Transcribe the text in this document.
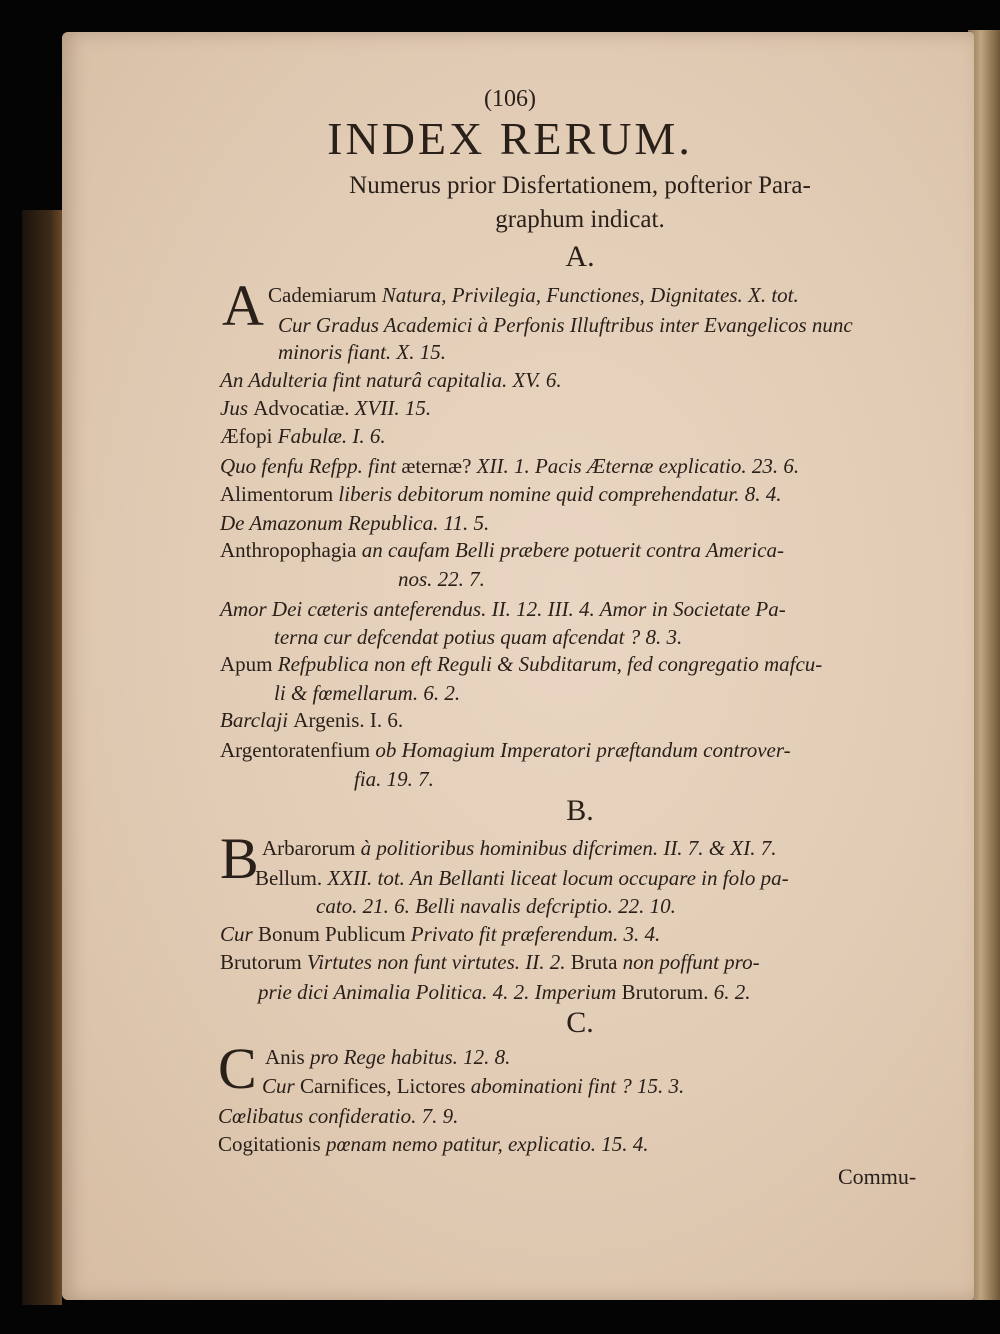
(106)
INDEX RERUM.
Numerus prior Disfertationem, pofterior Para-
graphum indicat.
A.
A Cademiarum Natura, Privilegia, Functiones, Dignitates. X. tot.
Cur Gradus Academici à Perfonis Illuftribus inter Evangelicos nunc
minoris fiant. X. 15.
An Adulteria fint naturâ capitalia. XV. 6.
Jus Advocatiæ. XVII. 15.
Æfopi Fabulæ. I. 6.
Quo fenfu Refpp. fint æternæ? XII. 1. Pacis Æternæ explicatio. 23. 6.
Alimentorum liberis debitorum nomine quid comprehendatur. 8. 4.
De Amazonum Republica. 11. 5.
Anthropophagia an caufam Belli præbere potuerit contra America-
nos. 22. 7.
Amor Dei cæteris anteferendus. II. 12. III. 4. Amor in Societate Pa-
terna cur defcendat potius quam afcendat ? 8. 3.
Apum Refpublica non eft Reguli & Subditarum, fed congregatio mafcu-
li & fœmellarum. 6. 2.
Barclaji Argenis. I. 6.
Argentoratenfium ob Homagium Imperatori præftandum controver-
fia. 19. 7.
B.
B Arbarorum à politioribus hominibus difcrimen. II. 7. & XI. 7.
Bellum. XXII. tot. An Bellanti liceat locum occupare in folo pa-
cato. 21. 6. Belli navalis defcriptio. 22. 10.
Cur Bonum Publicum Privato fit præferendum. 3. 4.
Brutorum Virtutes non funt virtutes. II. 2. Bruta non poffunt pro-
prie dici Animalia Politica. 4. 2. Imperium Brutorum. 6. 2.
C.
C Anis pro Rege habitus. 12. 8.
Cur Carnifices, Lictores abominationi fint ? 15. 3.
Cœlibatus confideratio. 7. 9.
Cogitationis pœnam nemo patitur, explicatio. 15. 4.
Commu-
